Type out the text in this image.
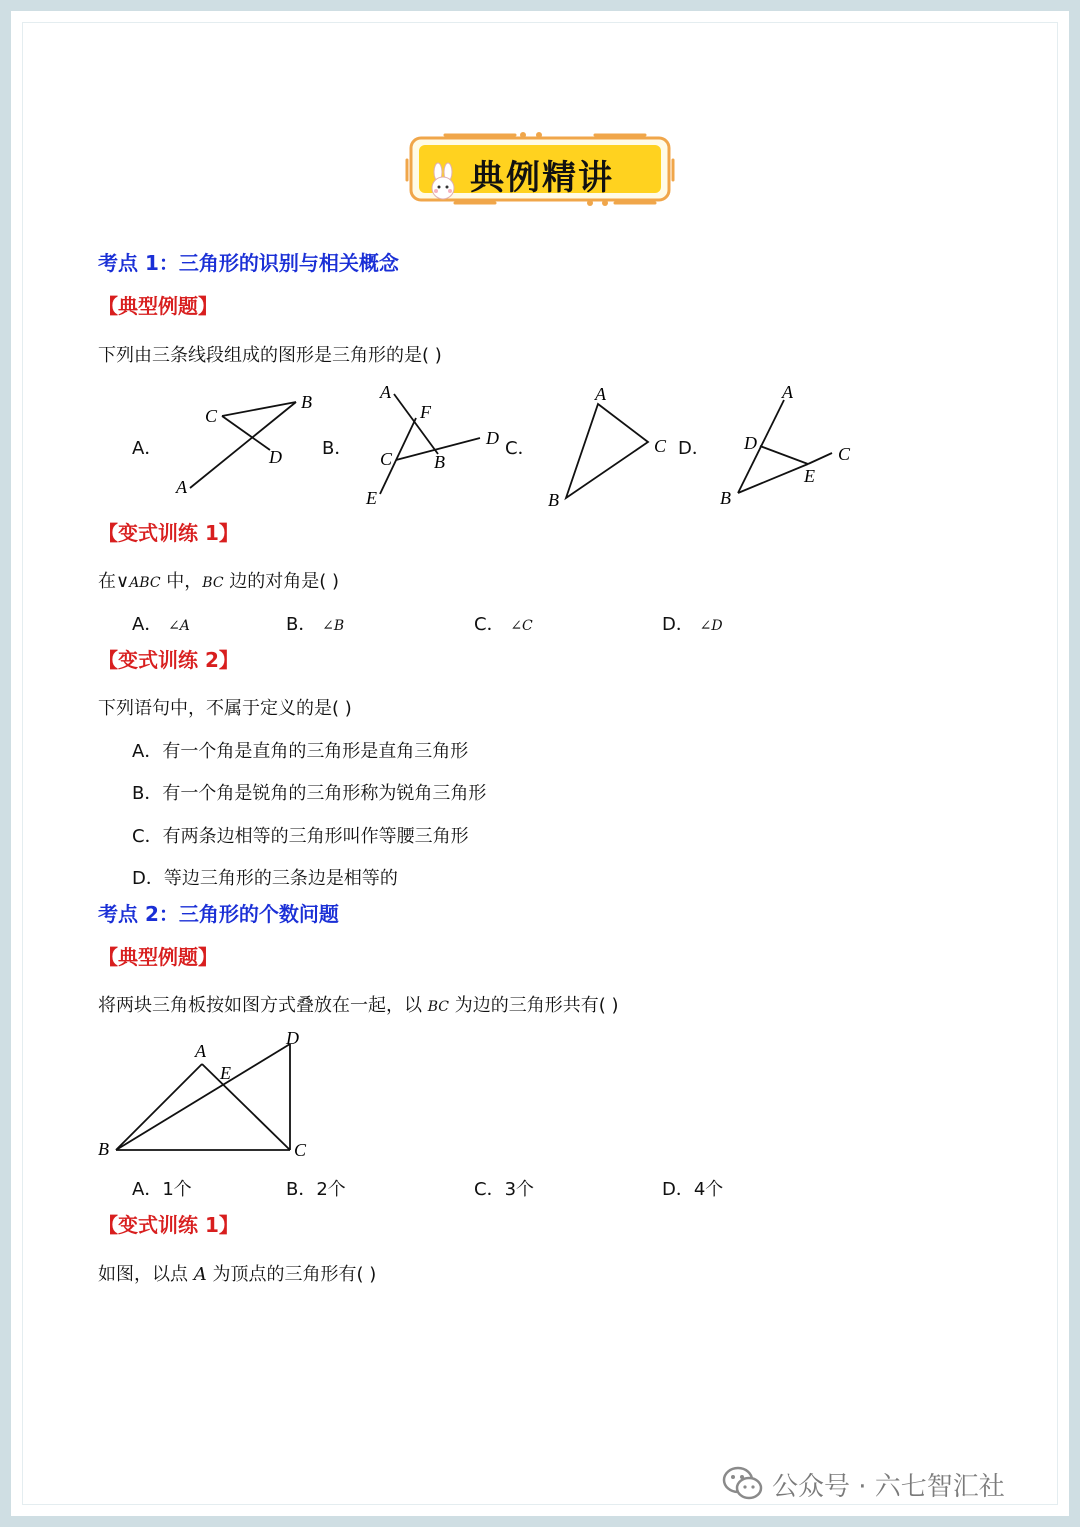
典例精讲
考点 1：三角形的识别与相关概念
【典型例题】
下列由三条线段组成的图形是三角形的是( )
A．	B．	C．	D．
C
B
D
A
A
F
D
C B
E
A
C
B
A
D
C
E
B
【变式训练 1】
在∨ABC 中，BC 边的对角是( )
A． ∠A	B． ∠B	C． ∠C	D． ∠D
【变式训练 2】
下列语句中，不属于定义的是( )
A．有一个角是直角的三角形是直角三角形
B．有一个角是锐角的三角形称为锐角三角形
C．有两条边相等的三角形叫作等腰三角形
D．等边三角形的三条边是相等的
考点 2：三角形的个数问题
【典型例题】
将两块三角板按如图方式叠放在一起，以 BC 为边的三角形共有( )
A
E
D
B	C
A．1个	B．2个	C．3个	D．4个
【变式训练 1】
如图，以点 A 为顶点的三角形有( )
公众号 · 六七智汇社
